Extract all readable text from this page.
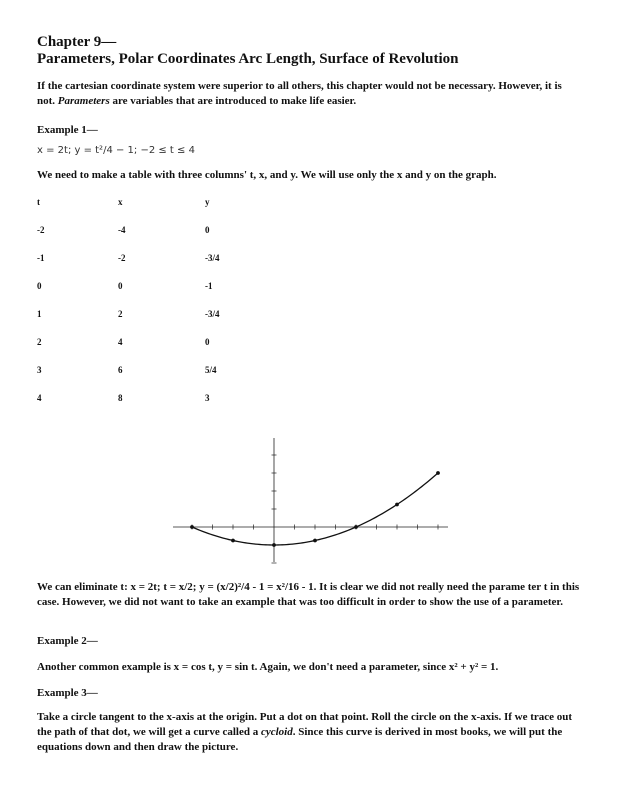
Chapter 9—

Parameters, Polar Coordinates Arc Length, Surface of Revolution

If the cartesian coordinate system were superior to all others, this chapter would not be necessary. However, it is not. Parameters are variables that are introduced to make life easier.

Example 1—

x = 2t; y = t²/4 − 1; −2 ≤ t ≤ 4

We need to make a table with three columns' t, x, and y. We will use only the x and y on the graph.

t	x	y
-2	-4	0
-1	-2	-3/4
0	0	-1
1	2	-3/4
2	4	0
3	6	5/4
4	8	3

We can eliminate t: x = 2t; t = x/2; y = (x/2)²/4 - 1 = x²/16 - 1. It is clear we did not really need the parame ter t in this case. However, we did not want to take an example that was too difficult in order to show the use of a parameter.

Example 2—

Another common example is x = cos t, y = sin t. Again, we don't need a parameter, since x² + y² = 1.

Example 3—

Take a circle tangent to the x-axis at the origin. Put a dot on that point. Roll the circle on the x-axis. If we trace out the path of that dot, we will get a curve called a cycloid. Since this curve is derived in most books, we will put the equations down and then draw the picture.
